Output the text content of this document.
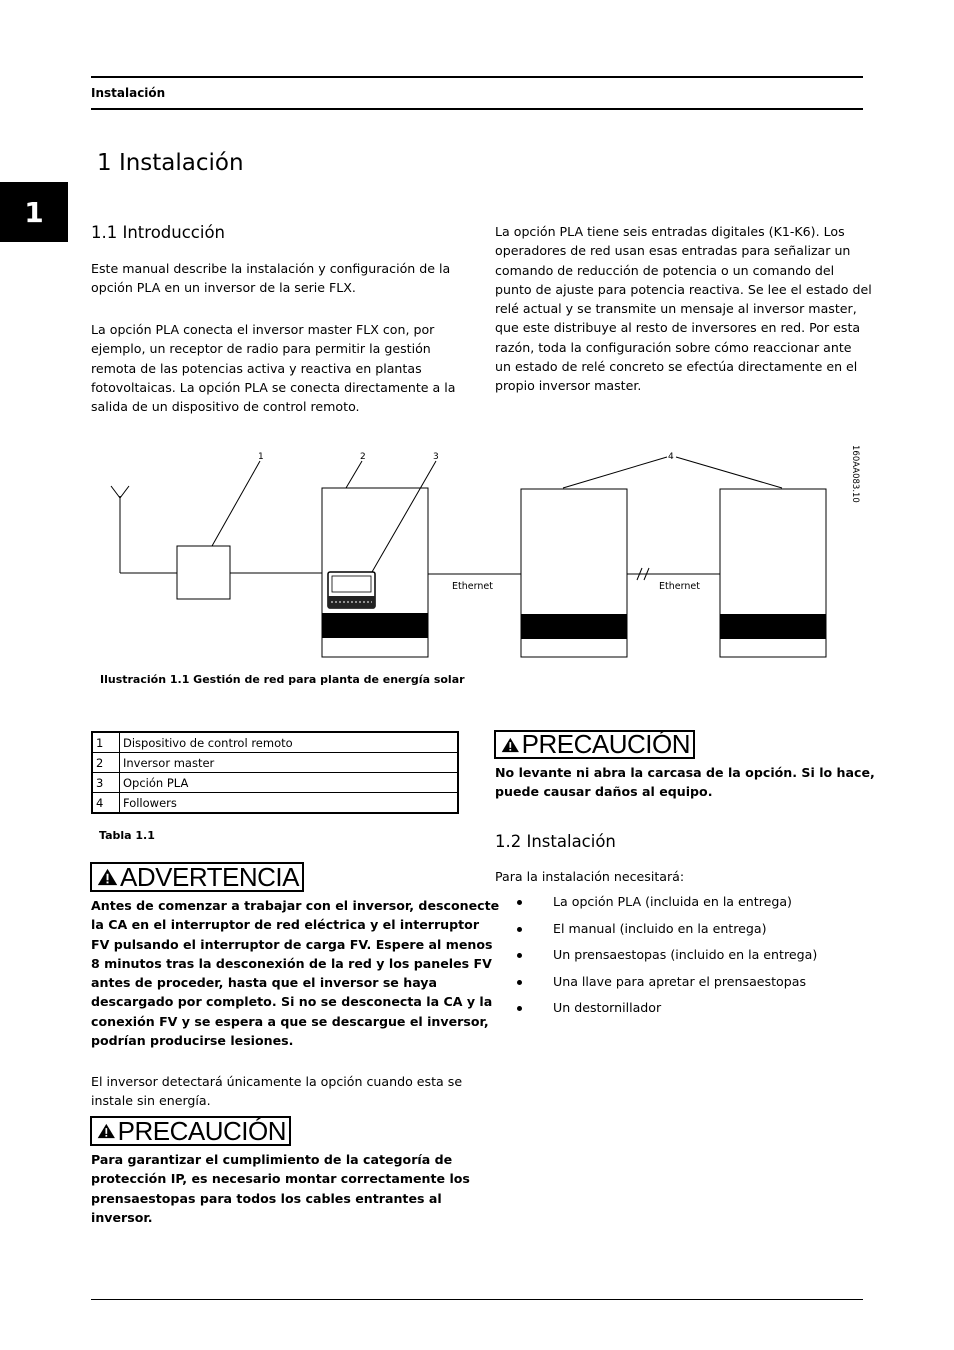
Instalación
1
1 Instalación
1.1 Introducción
Este manual describe la instalación y configuración de la
opción PLA en un inversor de la serie FLX.
La opción PLA conecta el inversor master FLX con, por
ejemplo, un receptor de radio para permitir la gestión
remota de las potencias activa y reactiva en plantas
fotovoltaicas. La opción PLA se conecta directamente a la
salida de un dispositivo de control remoto.
La opción PLA tiene seis entradas digitales (K1-K6). Los
operadores de red usan esas entradas para señalizar un
comando de reducción de potencia o un comando del
punto de ajuste para potencia reactiva. Se lee el estado del
relé actual y se transmite un mensaje al inversor master,
que este distribuye al resto de inversores en red. Por esta
razón, toda la configuración sobre cómo reaccionar ante
un estado de relé concreto se efectúa directamente en el
propio inversor master.
Ethernet	Ethernet
1	2	3	4	160AA083.10
Ilustración 1.1 Gestión de red para planta de energía solar
1	Dispositivo de control remoto
2	Inversor master
3	Opción PLA
4	Followers
Tabla 1.1
ADVERTENCIA
Antes de comenzar a trabajar con el inversor, desconecte
la CA en el interruptor de red eléctrica y el interruptor
FV pulsando el interruptor de carga FV. Espere al menos
8 minutos tras la desconexión de la red y los paneles FV
antes de proceder, hasta que el inversor se haya
descargado por completo. Si no se desconecta la CA y la
conexión FV y se espera a que se descargue el inversor,
podrían producirse lesiones.
El inversor detectará únicamente la opción cuando esta se
instale sin energía.
PRECAUCIÓN
Para garantizar el cumplimiento de la categoría de
protección IP, es necesario montar correctamente los
prensaestopas para todos los cables entrantes al
inversor.
PRECAUCIÓN
No levante ni abra la carcasa de la opción. Si lo hace,
puede causar daños al equipo.
1.2 Instalación
Para la instalación necesitará:
La opción PLA (incluida en la entrega)
El manual (incluido en la entrega)
Un prensaestopas (incluido en la entrega)
Una llave para apretar el prensaestopas
Un destornillador
